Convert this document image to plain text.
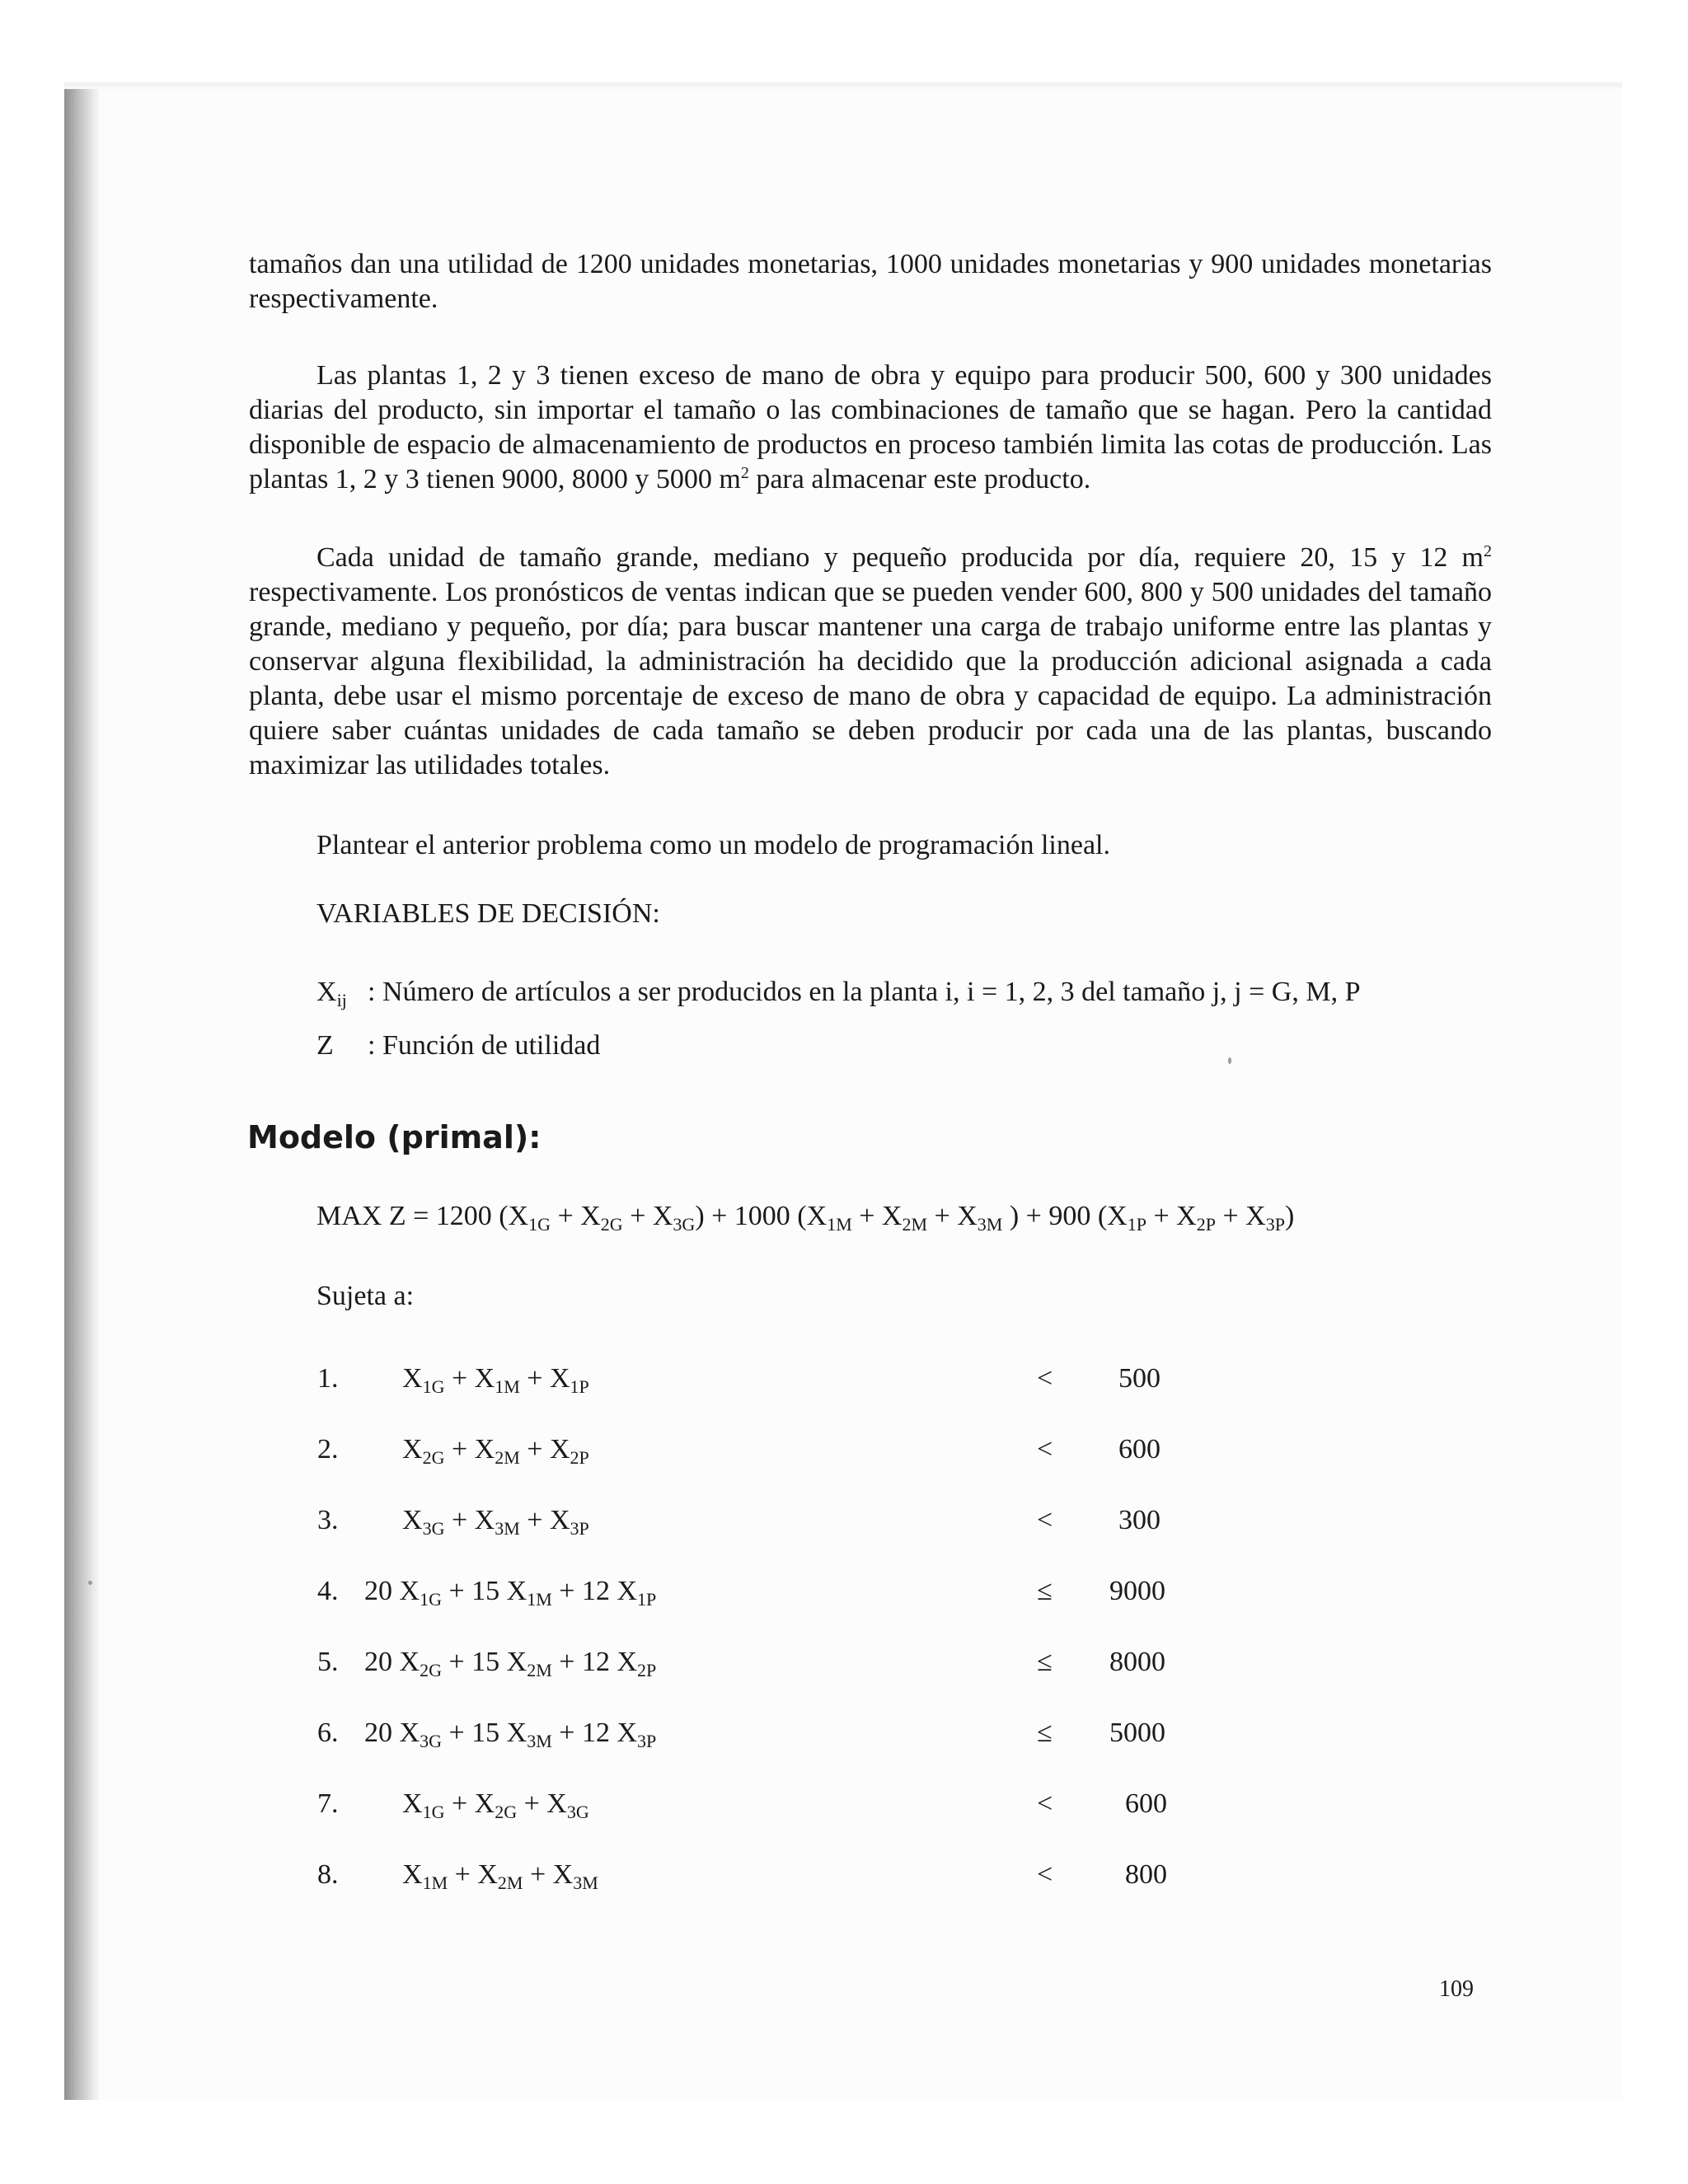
tamaños dan una utilidad de 1200 unidades monetarias, 1000 unidades monetarias y 900 unidades monetarias respectivamente.

Las plantas 1, 2 y 3 tienen exceso de mano de obra y equipo para producir 500, 600 y 300 unidades diarias del producto, sin importar el tamaño o las combinaciones de tamaño que se hagan. Pero la cantidad disponible de espacio de almacenamiento de productos en proceso también limita las cotas de producción. Las plantas 1, 2 y 3 tienen 9000, 8000 y 5000 $m^2$ para almacenar este producto.

Cada unidad de tamaño grande, mediano y pequeño producida por día, requiere 20, 15 y 12 $m^2$ respectivamente. Los pronósticos de ventas indican que se pueden vender 600, 800 y 500 unidades del tamaño grande, mediano y pequeño, por día; para buscar mantener una carga de trabajo uniforme entre las plantas y conservar alguna flexibilidad, la administración ha decidido que la producción adicional asignada a cada planta, debe usar el mismo porcentaje de exceso de mano de obra y capacidad de equipo. La administración quiere saber cuántas unidades de cada tamaño se deben producir por cada una de las plantas, buscando maximizar las utilidades totales.

Plantear el anterior problema como un modelo de programación lineal.
VARIABLES DE DECISIÓN:
$X_{ij}$ : Número de artículos a ser producidos en la planta i, i = 1, 2, 3 del tamaño j, j = G, M, P
Z : Función de utilidad
Modelo (primal):
MAX Z = 1200 $(X_{1G} + X_{2G} + X_{3G}) + 1000$ ($X_{1M} + X_{2M} + X_{3M}$ ) + 900 $(X_{1P} + X_{2P} + X_{3P})$
Sujeta a:
1. $X_{1G} + X_{1M} + X_{1P}$	< 500
2. $X_{2G} + X_{2M} + X_{2P}$	< 600
3. $X_{3G} + X_{3M} + X_{3P}$	< 300
4. 20 $X_{1G} + 15$ $X_{1M} + 12$ $X_{1P}$	≤ 9000
5. 20 $X_{2G} + 15$ $X_{2M} + 12$ $X_{2P}$	≤ 8000
6. 20 $X_{3G} + 15$ $X_{3M} + 12$ $X_{3P}$	≤ 5000
7. $X_{1G} + X_{2G} + X_{3G}$	<	600
8. $X_{1M} + X_{2M} + X_{3M}$	<	800
109
